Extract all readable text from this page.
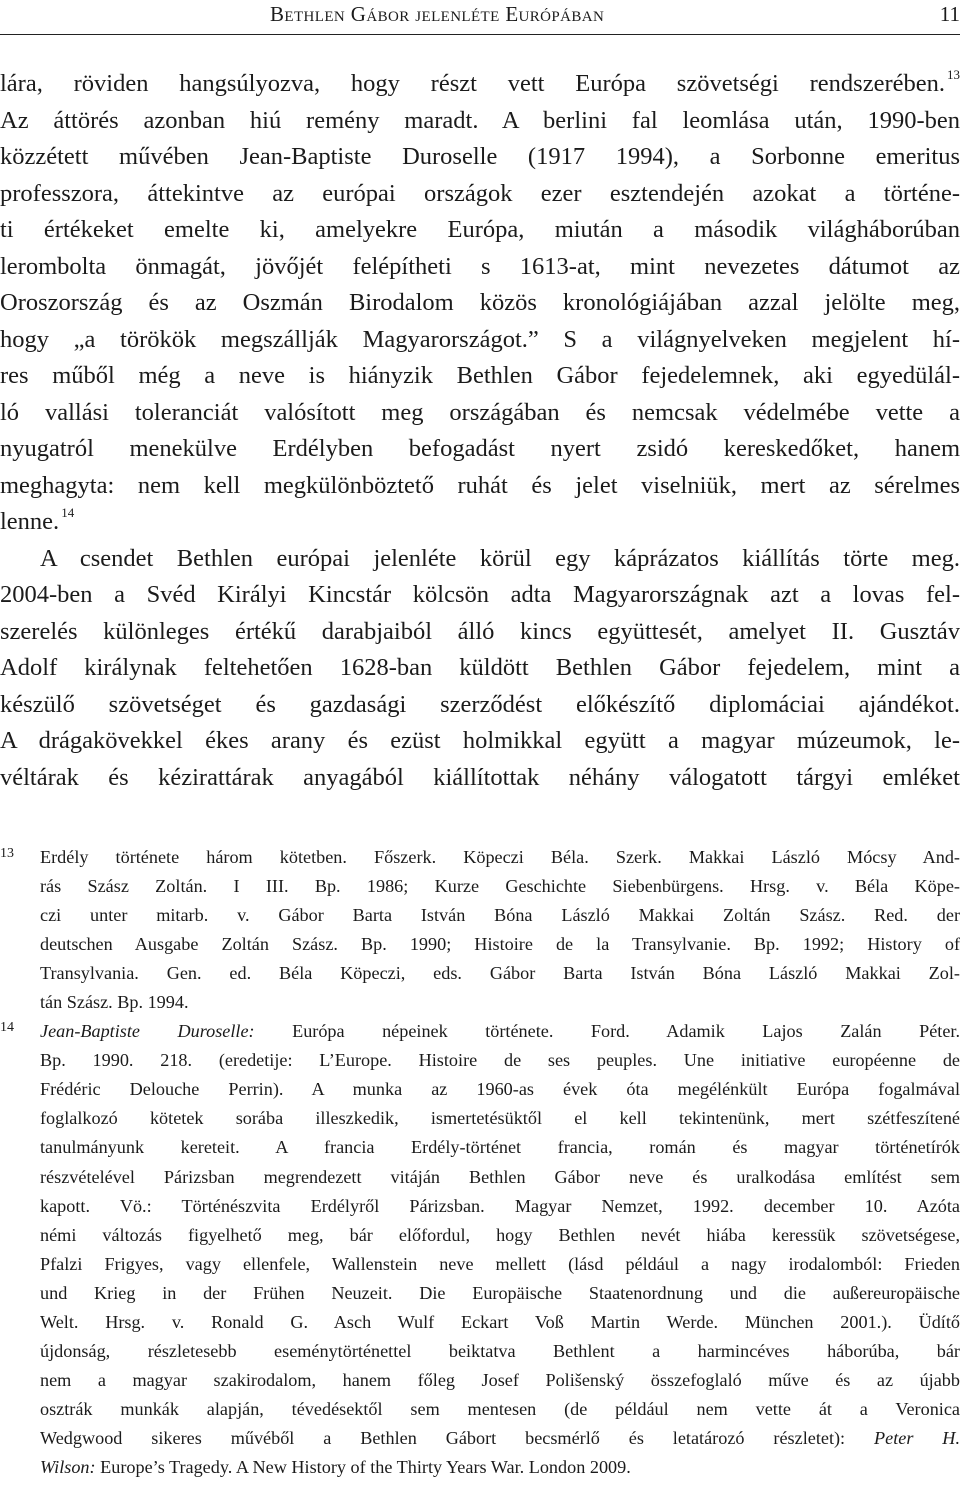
Bethlen Gábor jelenléte Európában	11
lára, röviden hangsúlyozva, hogy részt vett Európa szövetségi rendszerében. $^{13}$
Az áttörés azonban hiú remény maradt. A berlini fal leomlása után, 1990-ben
közzétett művében Jean-Baptiste Duroselle (1917 1994), a Sorbonne emeritus
professzora, áttekintve az európai országok ezer esztendején azokat a történe-
ti értékeket emelte ki, amelyekre Európa, miután a második világháborúban
lerombolta önmagát, jövőjét felépítheti s 1613-at, mint nevezetes dátumot az
Oroszország és az Oszmán Birodalom közös kronológiájában azzal jelölte meg,
hogy „a törökök megszállják Magyarországot.” S a világnyelveken megjelent hí-
res műből még a neve is hiányzik Bethlen Gábor fejedelemnek, aki egyedülál-
ló vallási toleranciát valósított meg országában és nemcsak védelmébe vette a
nyugatról menekülve Erdélyben befogadást nyert zsidó kereskedőket, hanem
meghagyta: nem kell megkülönböztető ruhát és jelet viselniük, mert az sérelmes
lenne. $^{14}$
A csendet Bethlen európai jelenléte körül egy káprázatos kiállítás törte meg.
2004-ben a Svéd Királyi Kincstár kölcsön adta Magyarországnak azt a lovas fel-
szerelés különleges értékű darabjaiból álló kincs együttesét, amelyet II. Gusztáv
Adolf királynak feltehetően 1628-ban küldött Bethlen Gábor fejedelem, mint a
készülő szövetséget és gazdasági szerződést előkészítő diplomáciai ajándékot.
A drágakövekkel ékes arany és ezüst holmikkal együtt a magyar múzeumok, le-
véltárak és kézirattárak anyagából kiállítottak néhány válogatott tárgyi emléket
13 Erdély története három kötetben. Főszerk. Köpeczi Béla. Szerk. Makkai László Mócsy And-
rás Szász Zoltán. I III. Bp. 1986; Kurze Geschichte Siebenbürgens. Hrsg. v. Béla Köpe-
czi unter mitarb. v. Gábor Barta István Bóna László Makkai Zoltán Szász. Red. der
deutschen Ausgabe Zoltán Szász. Bp. 1990; Histoire de la Transylvanie. Bp. 1992; History of
Transylvania. Gen. ed. Béla Köpeczi, eds. Gábor Barta István Bóna László Makkai Zol-
tán Szász. Bp. 1994.
14 Jean-Baptiste Duroselle: Európa népeinek története. Ford. Adamik Lajos Zalán Péter.
Bp. 1990. 218. (eredetije: L’Europe. Histoire de ses peuples. Une initiative européenne de
Frédéric Delouche Perrin). A munka az 1960-as évek óta megélénkült Európa fogalmával
foglalkozó kötetek sorába illeszkedik, ismertetésüktől el kell tekintenünk, mert szétfeszítené
tanulmányunk kereteit. A francia Erdély-történet francia, román és magyar történetírók
részvételével Párizsban megrendezett vitáján Bethlen Gábor neve és uralkodása említést sem
kapott. Vö.: Történészvita Erdélyről Párizsban. Magyar Nemzet, 1992. december 10. Azóta
némi változás figyelhető meg, bár előfordul, hogy Bethlen nevét hiába keressük szövetségese,
Pfalzi Frigyes, vagy ellenfele, Wallenstein neve mellett (lásd például a nagy irodalomból: Frieden
und Krieg in der Frühen Neuzeit. Die Europäische Staatenordnung und die außereuropäische
Welt. Hrsg. v. Ronald G. Asch Wulf Eckart Voß Martin Werde. München 2001.). Üdítő
újdonság, részletesebb eseménytörténettel beiktatva Bethlent a harmincéves háborúba, bár
nem a magyar szakirodalom, hanem főleg Josef Polišenský összefoglaló műve és az újabb
osztrák munkák alapján, tévedésektől sem mentesen (de például nem vette át a Veronica
Wedgwood sikeres művéből a Bethlen Gábort becsmérlő és letatározó részletet): Peter H.
Wilson: Europe’s Tragedy. A New History of the Thirty Years War. London 2009.
